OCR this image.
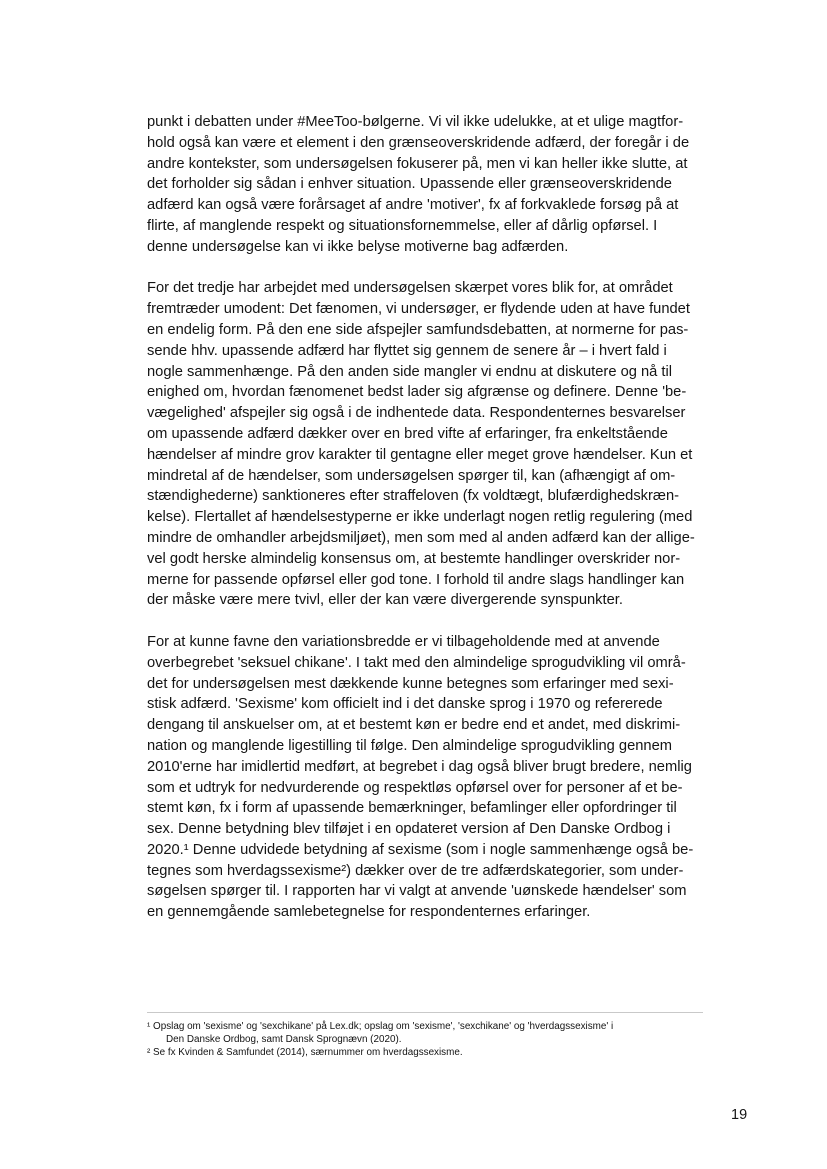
punkt i debatten under #MeeToo-bølgerne. Vi vil ikke udelukke, at et ulige magtfor-
hold også kan være et element i den grænseoverskridende adfærd, der foregår i de
andre kontekster, som undersøgelsen fokuserer på, men vi kan heller ikke slutte, at
det forholder sig sådan i enhver situation. Upassende eller grænseoverskridende
adfærd kan også være forårsaget af andre 'motiver', fx af forkvaklede forsøg på at
flirte, af manglende respekt og situationsfornemmelse, eller af dårlig opførsel. I
denne undersøgelse kan vi ikke belyse motiverne bag adfærden.

For det tredje har arbejdet med undersøgelsen skærpet vores blik for, at området
fremtræder umodent: Det fænomen, vi undersøger, er flydende uden at have fundet
en endelig form. På den ene side afspejler samfundsdebatten, at normerne for pas-
sende hhv. upassende adfærd har flyttet sig gennem de senere år – i hvert fald i
nogle sammenhænge. På den anden side mangler vi endnu at diskutere og nå til
enighed om, hvordan fænomenet bedst lader sig afgrænse og definere. Denne 'be-
vægelighed' afspejler sig også i de indhentede data. Respondenternes besvarelser
om upassende adfærd dækker over en bred vifte af erfaringer, fra enkeltstående
hændelser af mindre grov karakter til gentagne eller meget grove hændelser. Kun et
mindretal af de hændelser, som undersøgelsen spørger til, kan (afhængigt af om-
stændighederne) sanktioneres efter straffeloven (fx voldtægt, blufærdighedskræn-
kelse). Flertallet af hændelsestyperne er ikke underlagt nogen retlig regulering (med
mindre de omhandler arbejdsmiljøet), men som med al anden adfærd kan der allige-
vel godt herske almindelig konsensus om, at bestemte handlinger overskrider nor-
merne for passende opførsel eller god tone. I forhold til andre slags handlinger kan
der måske være mere tvivl, eller der kan være divergerende synspunkter.

For at kunne favne den variationsbredde er vi tilbageholdende med at anvende
overbegrebet 'seksuel chikane'. I takt med den almindelige sprogudvikling vil områ-
det for undersøgelsen mest dækkende kunne betegnes som erfaringer med sexi-
stisk adfærd. 'Sexisme' kom officielt ind i det danske sprog i 1970 og refererede
dengang til anskuelser om, at et bestemt køn er bedre end et andet, med diskrimi-
nation og manglende ligestilling til følge. Den almindelige sprogudvikling gennem
2010'erne har imidlertid medført, at begrebet i dag også bliver brugt bredere, nemlig
som et udtryk for nedvurderende og respektløs opførsel over for personer af et be-
stemt køn, fx i form af upassende bemærkninger, befamlinger eller opfordringer til
sex. Denne betydning blev tilføjet i en opdateret version af Den Danske Ordbog i
2020.¹ Denne udvidede betydning af sexisme (som i nogle sammenhænge også be-
tegnes som hverdagssexisme²) dækker over de tre adfærdskategorier, som under-
søgelsen spørger til. I rapporten har vi valgt at anvende 'uønskede hændelser' som
en gennemgående samlebetegnelse for respondenternes erfaringer.

¹ Opslag om 'sexisme' og 'sexchikane' på Lex.dk; opslag om 'sexisme', 'sexchikane' og 'hverdagssexisme' i
Den Danske Ordbog, samt Dansk Sprognævn (2020).
² Se fx Kvinden & Samfundet (2014), særnummer om hverdagssexisme.
19
